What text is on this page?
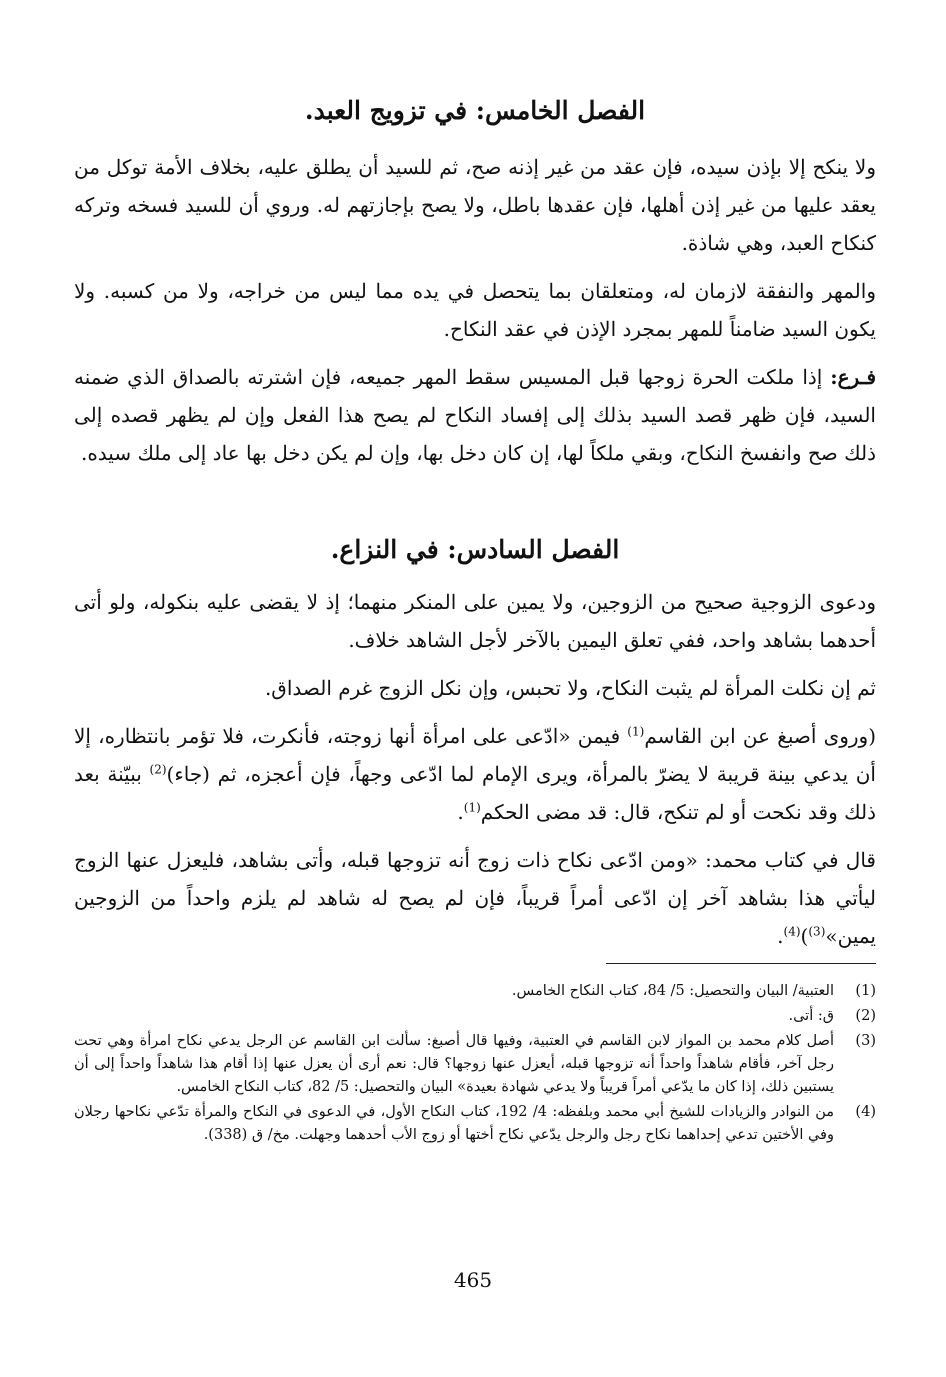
الفصل الخامس: في تزويج العبد.

ولا ينكح إلا بإذن سيده، فإن عقد من غير إذنه صح، ثم للسيد أن يطلق عليه، بخلاف الأمة توكل من يعقد عليها من غير إذن أهلها، فإن عقدها باطل، ولا يصح بإجازتهم له. وروي أن للسيد فسخه وتركه كنكاح العبد، وهي شاذة.

والمهر والنفقة لازمان له، ومتعلقان بما يتحصل في يده مما ليس من خراجه، ولا من كسبه. ولا يكون السيد ضامناً للمهر بمجرد الإذن في عقد النكاح.

فـرع: إذا ملكت الحرة زوجها قبل المسيس سقط المهر جميعه، فإن اشترته بالصداق الذي ضمنه السيد، فإن ظهر قصد السيد بذلك إلى إفساد النكاح لم يصح هذا الفعل وإن لم يظهر قصده إلى ذلك صح وانفسخ النكاح، وبقي ملكاً لها، إن كان دخل بها، وإن لم يكن دخل بها عاد إلى ملك سيده.

الفصل السادس: في النزاع.

ودعوى الزوجية صحيح من الزوجين، ولا يمين على المنكر منهما؛ إذ لا يقضى عليه بنكوله، ولو أتى أحدهما بشاهد واحد، ففي تعلق اليمين بالآخر لأجل الشاهد خلاف.

ثم إن نكلت المرأة لم يثبت النكاح، ولا تحبس، وإن نكل الزوج غرم الصداق.

(وروى أصبغ عن ابن القاسم$^{(1)}$ فيمن «ادّعى على امرأة أنها زوجته، فأنكرت، فلا تؤمر بانتظاره، إلا أن يدعي بينة قريبة لا يضرّ بالمرأة، ويرى الإمام لما ادّعى وجهاً، فإن أعجزه، ثم (جاء)$^{(2)}$ ببيّنة بعد ذلك وقد نكحت أو لم تنكح، قال: قد مضى الحكم$^{(1)}$.

قال في كتاب محمد: «ومن ادّعى نكاح ذات زوج أنه تزوجها قبله، وأتى بشاهد، فليعزل عنها الزوج ليأتي هذا بشاهد آخر إن ادّعى أمراً قريباً، فإن لم يصح له شاهد لم يلزم واحداً من الزوجين يمين»$^{(3)}$)$^{(4)}$.

(1)
العتبية/ البيان والتحصيل: 5/ 84، كتاب النكاح الخامس.
(2)
ق: أتى.
(3)
أصل كلام محمد بن المواز لابن القاسم في العتبية، وفيها قال أصبغ: سألت ابن القاسم عن الرجل يدعي نكاح امرأة وهي تحت رجل آخر، فأقام شاهداً واحداً أنه تزوجها قبله، أيعزل عنها زوجها؟ قال: نعم أرى أن يعزل عنها إذا أقام هذا شاهداً واحداً إلى أن يستبين ذلك، إذا كان ما يدّعي أمراً قريباً ولا يدعي شهادة بعيدة» البيان والتحصيل: 5/ 82، كتاب النكاح الخامس.
(4)
من النوادر والزيادات للشيخ أبي محمد وبلفظه: 4/ 192، كتاب النكاح الأول، في الدعوى في النكاح والمرأة تدّعي نكاحها رجلان وفي الأختين تدعي إحداهما نكاح رجل والرجل يدّعي نكاح أختها أو زوج الأب أحدهما وجهلت. مخ/ ق (338).
465
